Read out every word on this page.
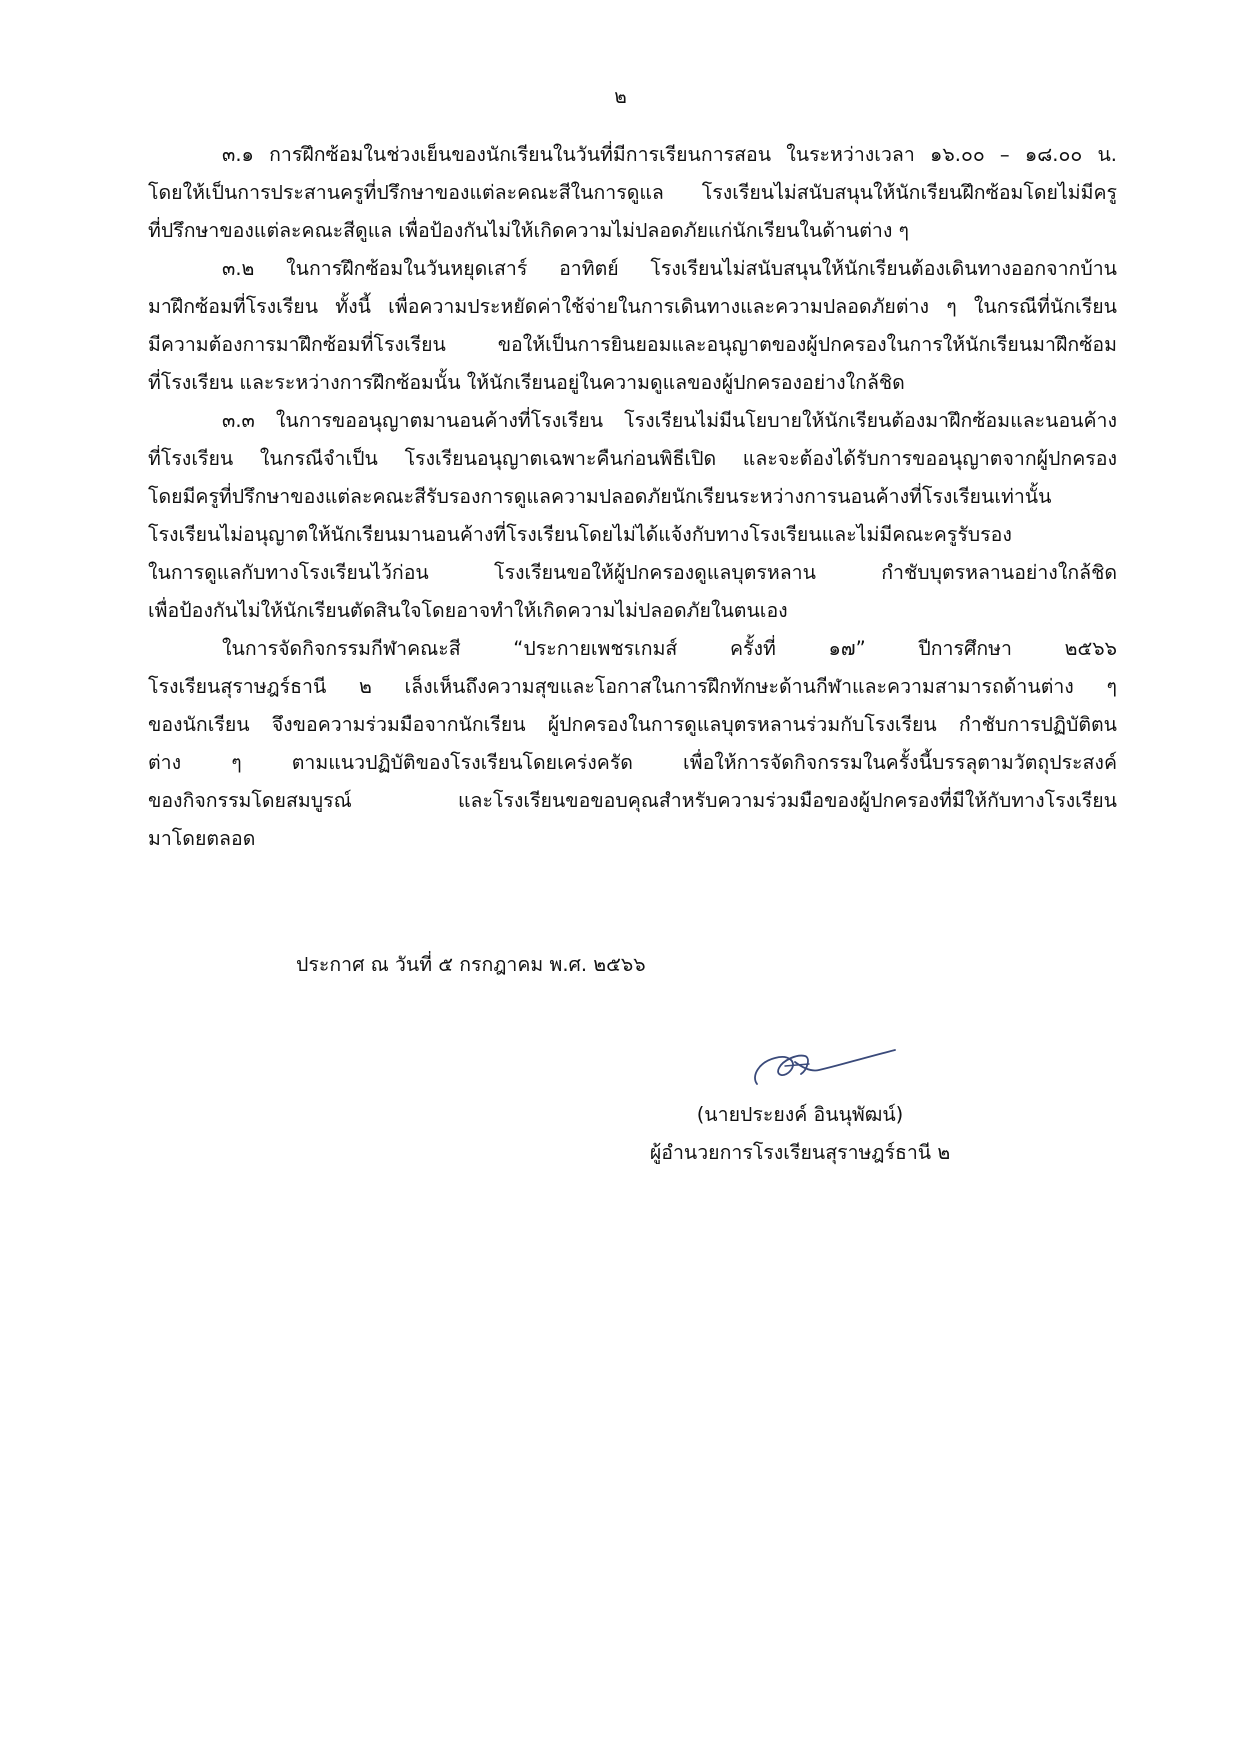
๒
๓.๑ การฝึกซ้อมในช่วงเย็นของนักเรียนในวันที่มีการเรียนการสอน ในระหว่างเวลา ๑๖.๐๐ – ๑๘.๐๐ น.
โดยให้เป็นการประสานครูที่ปรึกษาของแต่ละคณะสีในการดูแล โรงเรียนไม่สนับสนุนให้นักเรียนฝึกซ้อมโดยไม่มีครู
ที่ปรึกษาของแต่ละคณะสีดูแล เพื่อป้องกันไม่ให้เกิดความไม่ปลอดภัยแก่นักเรียนในด้านต่าง ๆ
๓.๒ ในการฝึกซ้อมในวันหยุดเสาร์ อาทิตย์ โรงเรียนไม่สนับสนุนให้นักเรียนต้องเดินทางออกจากบ้าน
มาฝึกซ้อมที่โรงเรียน ทั้งนี้ เพื่อความประหยัดค่าใช้จ่ายในการเดินทางและความปลอดภัยต่าง ๆ ในกรณีที่นักเรียน
มีความต้องการมาฝึกซ้อมที่โรงเรียน ขอให้เป็นการยินยอมและอนุญาตของผู้ปกครองในการให้นักเรียนมาฝึกซ้อม
ที่โรงเรียน และระหว่างการฝึกซ้อมนั้น ให้นักเรียนอยู่ในความดูแลของผู้ปกครองอย่างใกล้ชิด
๓.๓ ในการขออนุญาตมานอนค้างที่โรงเรียน โรงเรียนไม่มีนโยบายให้นักเรียนต้องมาฝึกซ้อมและนอนค้าง
ที่โรงเรียน ในกรณีจำเป็น โรงเรียนอนุญาตเฉพาะคืนก่อนพิธีเปิด และจะต้องได้รับการขออนุญาตจากผู้ปกครอง
โดยมีครูที่ปรึกษาของแต่ละคณะสีรับรองการดูแลความปลอดภัยนักเรียนระหว่างการนอนค้างที่โรงเรียนเท่านั้น
โรงเรียนไม่อนุญาตให้นักเรียนมานอนค้างที่โรงเรียนโดยไม่ได้แจ้งกับทางโรงเรียนและไม่มีคณะครูรับรอง
ในการดูแลกับทางโรงเรียนไว้ก่อน โรงเรียนขอให้ผู้ปกครองดูแลบุตรหลาน กำชับบุตรหลานอย่างใกล้ชิด
เพื่อป้องกันไม่ให้นักเรียนตัดสินใจโดยอาจทำให้เกิดความไม่ปลอดภัยในตนเอง
ในการจัดกิจกรรมกีฬาคณะสี “ประกายเพชรเกมส์ ครั้งที่ ๑๗” ปีการศึกษา ๒๕๖๖
โรงเรียนสุราษฎร์ธานี ๒ เล็งเห็นถึงความสุขและโอกาสในการฝึกทักษะด้านกีฬาและความสามารถด้านต่าง ๆ
ของนักเรียน จึงขอความร่วมมือจากนักเรียน ผู้ปกครองในการดูแลบุตรหลานร่วมกับโรงเรียน กำชับการปฏิบัติตน
ต่าง ๆ ตามแนวปฏิบัติของโรงเรียนโดยเคร่งครัด เพื่อให้การจัดกิจกรรมในครั้งนี้บรรลุตามวัตถุประสงค์
ของกิจกรรมโดยสมบูรณ์ และโรงเรียนขอขอบคุณสำหรับความร่วมมือของผู้ปกครองที่มีให้กับทางโรงเรียน
มาโดยตลอด
ประกาศ ณ วันที่ ๕ กรกฎาคม พ.ศ. ๒๕๖๖
(นายประยงค์ อินนุพัฒน์)
ผู้อำนวยการโรงเรียนสุราษฎร์ธานี ๒
